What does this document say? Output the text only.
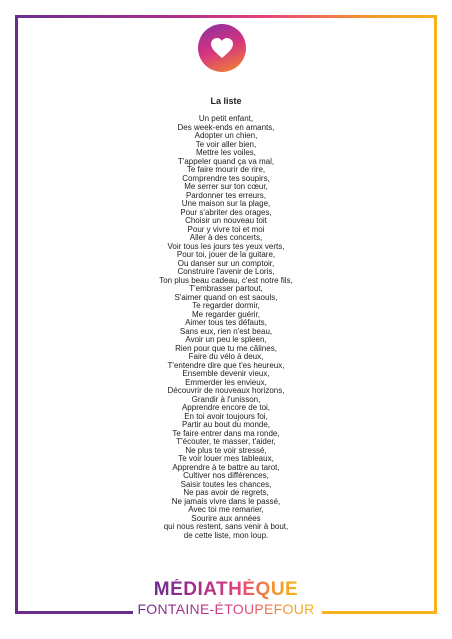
La liste
Un petit enfant,
Des week-ends en amants,
Adopter un chien,
Te voir aller bien,
Mettre les voiles,
T'appeler quand ça va mal,
Te faire mourir de rire,
Comprendre tes soupirs,
Me serrer sur ton cœur,
Pardonner tes erreurs,
Une maison sur la plage,
Pour s'abriter des orages,
Choisir un nouveau toit
Pour y vivre toi et moi
Aller à des concerts,
Voir tous les jours tes yeux verts,
Pour toi, jouer de la guitare,
Ou danser sur un comptoir,
Construire l'avenir de Loris,
Ton plus beau cadeau, c'est notre fils,
T'embrasser partout,
S'aimer quand on est saouls,
Te regarder dormir,
Me regarder guérir,
Aimer tous tes défauts,
Sans eux, rien n'est beau,
Avoir un peu le spleen,
Rien pour que tu me câlines,
Faire du vélo à deux,
T'entendre dire que t'es heureux,
Ensemble devenir vieux,
Emmerder les envieux,
Découvrir de nouveaux horizons,
Grandir à l'unisson,
Apprendre encore de toi,
En toi avoir toujours foi,
Partir au bout du monde,
Te faire entrer dans ma ronde,
T'écouter, te masser, t'aider,
Ne plus te voir stressé,
Te voir louer mes tableaux,
Apprendre à te battre au tarot,
Cultiver nos différences,
Saisir toutes les chances,
Ne pas avoir de regrets,
Ne jamais vivre dans le passé,
Avec toi me remarier,
Sourire aux années
qui nous restent, sans venir à bout,
de cette liste, mon loup.
MÉDIATHÈQUE
FONTAINE-ÉTOUPEFOUR
